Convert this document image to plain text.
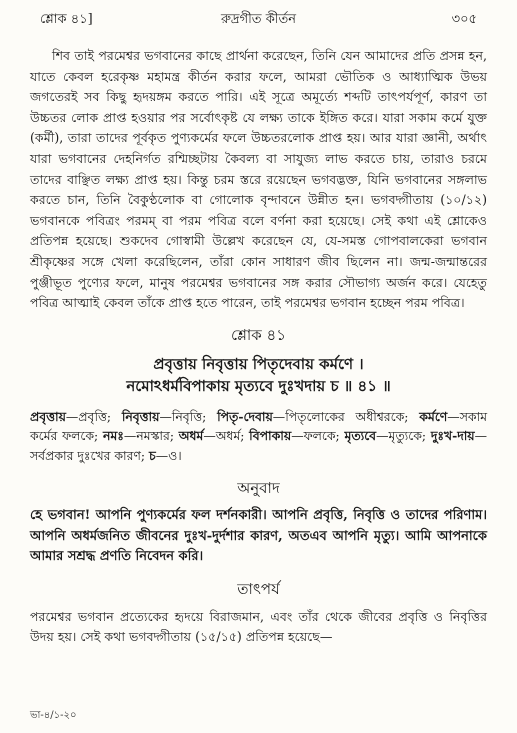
শ্লোক ৪১]	রুদ্রগীত কীর্তন	৩০৫

শিব তাই পরমেশ্বর ভগবানের কাছে প্রার্থনা করেছেন, তিনি যেন আমাদের প্রতি প্রসন্ন হন, যাতে কেবল হরেকৃষ্ণ মহামন্ত্র কীর্তন করার ফলে, আমরা ভৌতিক ও আধ্যাত্মিক উভয় জগতেরই সব কিছু হৃদয়ঙ্গম করতে পারি। এই সূত্রে অমূর্ত্যে শব্দটি তাৎপর্যপূর্ণ, কারণ তা উচ্চতর লোক প্রাপ্ত হওয়ার পর সর্বোৎকৃষ্ট যে লক্ষ্য তাকে ইঙ্গিত করে। যারা সকাম কর্মে যুক্ত (কর্মী), তারা তাদের পূর্বকৃত পুণ্যকর্মের ফলে উচ্চতরলোক প্রাপ্ত হয়। আর যারা জ্ঞানী, অর্থাৎ যারা ভগবানের দেহনির্গত রশ্মিচ্ছটায় কৈবল্য বা সাযুজ্য লাভ করতে চায়, তারাও চরমে তাদের বাঞ্ছিত লক্ষ্য প্রাপ্ত হয়। কিন্তু চরম স্তরে রয়েছেন ভগবদ্ভক্ত, যিনি ভগবানের সঙ্গলাভ করতে চান, তিনি বৈকুণ্ঠলোক বা গোলোক বৃন্দাবনে উন্নীত হন। ভগবদ্গীতায় (১০/১২) ভগবানকে পবিত্রং পরমম্ বা পরম পবিত্র বলে বর্ণনা করা হয়েছে। সেই কথা এই শ্লোকেও প্রতিপন্ন হয়েছে। শুকদেব গোস্বামী উল্লেখ করেছেন যে, যে-সমস্ত গোপবালকেরা ভগবান শ্রীকৃষ্ণের সঙ্গে খেলা করেছিলেন, তাঁরা কোন সাধারণ জীব ছিলেন না। জন্ম-জন্মান্তরের পুঞ্জীভূত পুণ্যের ফলে, মানুষ পরমেশ্বর ভগবানের সঙ্গ করার সৌভাগ্য অর্জন করে। যেহেতু পবিত্র আত্মাই কেবল তাঁকে প্রাপ্ত হতে পারেন, তাই পরমেশ্বর ভগবান হচ্ছেন পরম পবিত্র।

শ্লোক ৪১

প্রবৃত্তায় নিবৃত্তায় পিতৃদেবায় কর্মণে ।

নমোঽধর্মবিপাকায় মৃত্যবে দুঃখদায় চ ॥ ৪১ ॥

প্রবৃত্তায়—প্রবৃত্তি; নিবৃত্তায়—নিবৃত্তি; পিতৃ-দেবায়—পিতৃলোকের অধীশ্বরকে; কর্মণে—সকাম কর্মের ফলকে; নমঃ—নমস্কার; অধর্ম—অধর্ম; বিপাকায়—ফলকে; মৃত্যবে—মৃত্যুকে; দুঃখ-দায়—সর্বপ্রকার দুঃখের কারণ; চ—ও।

অনুবাদ

হে ভগবান! আপনি পুণ্যকর্মের ফল দর্শনকারী। আপনি প্রবৃত্তি, নিবৃত্তি ও তাদের পরিণাম। আপনি অধর্মজনিত জীবনের দুঃখ-দুর্দশার কারণ, অতএব আপনি মৃত্যু। আমি আপনাকে আমার সশ্রদ্ধ প্রণতি নিবেদন করি।

তাৎপর্য

পরমেশ্বর ভগবান প্রত্যেকের হৃদয়ে বিরাজমান, এবং তাঁর থেকে জীবের প্রবৃত্তি ও নিবৃত্তির উদয় হয়। সেই কথা ভগবদ্গীতায় (১৫/১৫) প্রতিপন্ন হয়েছে—

ভা-৪/১-২০
